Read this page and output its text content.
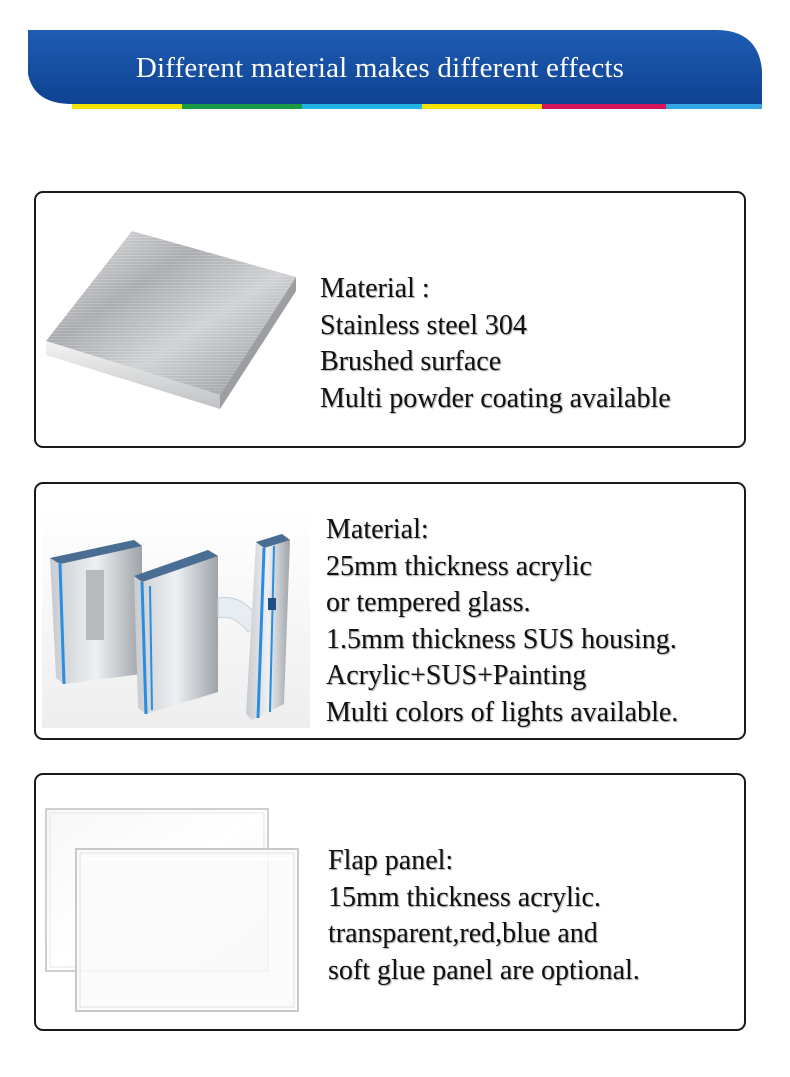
Different material makes different effects
Material :
Stainless steel 304
Brushed surface
Multi powder coating available
Material:
25mm thickness acrylic
or tempered glass.
1.5mm thickness SUS housing.
Acrylic+SUS+Painting
Multi colors of lights available.
Flap panel:
15mm thickness acrylic.
transparent,red,blue and
soft glue panel are optional.
